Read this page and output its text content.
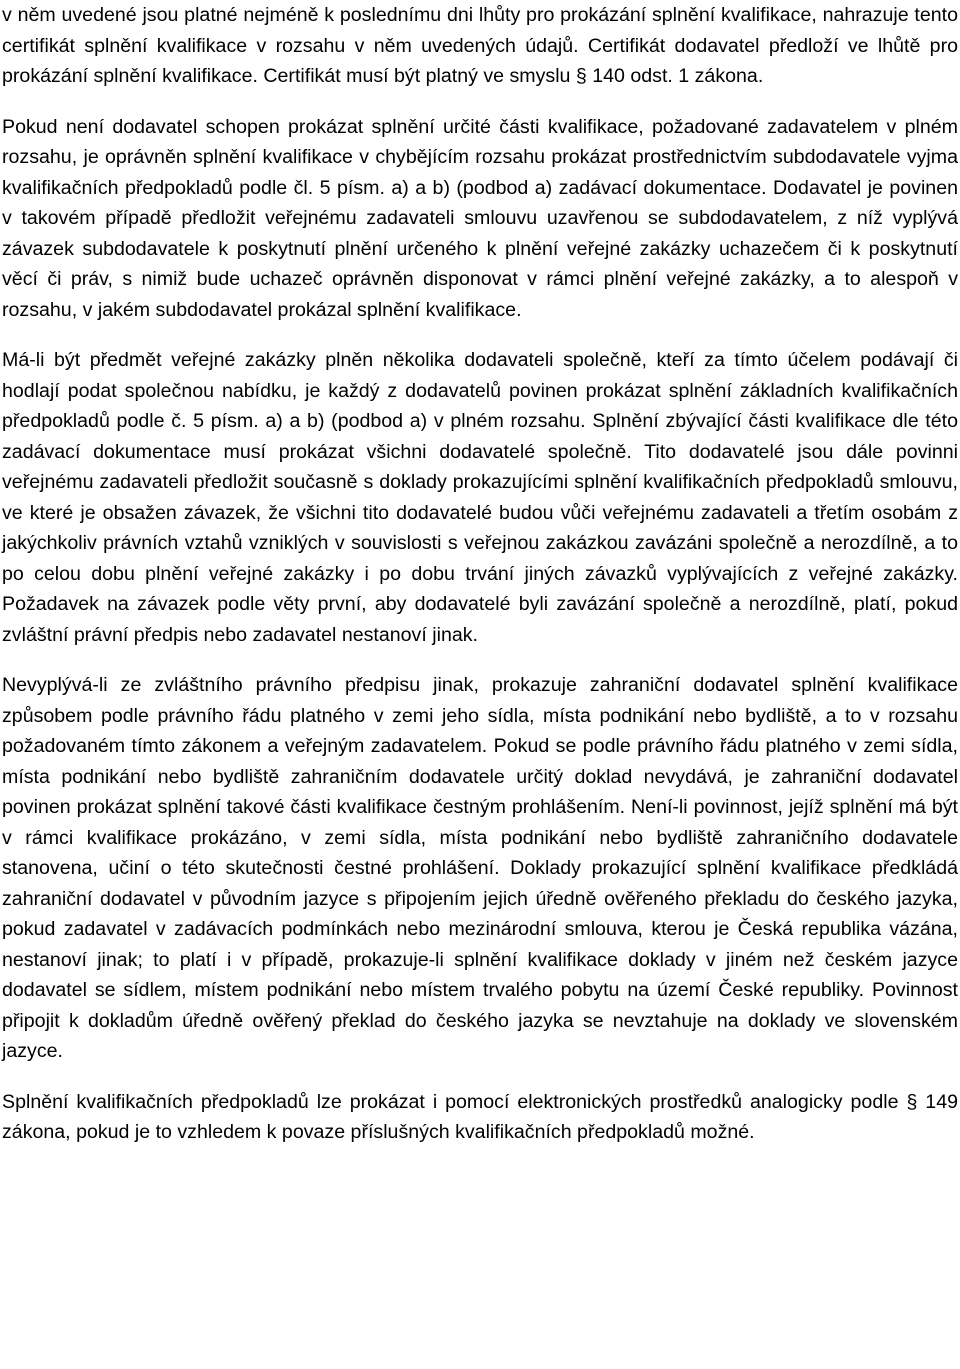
v něm uvedené jsou platné nejméně k poslednímu dni lhůty pro prokázání splnění kvalifikace, nahrazuje tento certifikát splnění kvalifikace v rozsahu v něm uvedených údajů. Certifikát dodavatel předloží ve lhůtě pro prokázání splnění kvalifikace. Certifikát musí být platný ve smyslu § 140 odst. 1 zákona.

Pokud není dodavatel schopen prokázat splnění určité části kvalifikace, požadované zadavatelem v plném rozsahu, je oprávněn splnění kvalifikace v chybějícím rozsahu prokázat prostřednictvím subdodavatele vyjma kvalifikačních předpokladů podle čl. 5 písm. a) a b) (podbod a) zadávací dokumentace. Dodavatel je povinen v takovém případě předložit veřejnému zadavateli smlouvu uzavřenou se subdodavatelem, z níž vyplývá závazek subdodavatele k poskytnutí plnění určeného k plnění veřejné zakázky uchazečem či k poskytnutí věcí či práv, s nimiž bude uchazeč oprávněn disponovat v rámci plnění veřejné zakázky, a to alespoň v rozsahu, v jakém subdodavatel prokázal splnění kvalifikace.

Má-li být předmět veřejné zakázky plněn několika dodavateli společně, kteří za tímto účelem podávají či hodlají podat společnou nabídku, je každý z dodavatelů povinen prokázat splnění základních kvalifikačních předpokladů podle č. 5 písm. a) a b) (podbod a) v plném rozsahu. Splnění zbývající části kvalifikace dle této zadávací dokumentace musí prokázat všichni dodavatelé společně. Tito dodavatelé jsou dále povinni veřejnému zadavateli předložit současně s doklady prokazujícími splnění kvalifikačních předpokladů smlouvu, ve které je obsažen závazek, že všichni tito dodavatelé budou vůči veřejnému zadavateli a třetím osobám z jakýchkoliv právních vztahů vzniklých v souvislosti s veřejnou zakázkou zavázáni společně a nerozdílně, a to po celou dobu plnění veřejné zakázky i po dobu trvání jiných závazků vyplývajících z veřejné zakázky. Požadavek na závazek podle věty první, aby dodavatelé byli zavázání společně a nerozdílně, platí, pokud zvláštní právní předpis nebo zadavatel nestanoví jinak.

Nevyplývá-li ze zvláštního právního předpisu jinak, prokazuje zahraniční dodavatel splnění kvalifikace způsobem podle právního řádu platného v zemi jeho sídla, místa podnikání nebo bydliště, a to v rozsahu požadovaném tímto zákonem a veřejným zadavatelem. Pokud se podle právního řádu platného v zemi sídla, místa podnikání nebo bydliště zahraničním dodavatele určitý doklad nevydává, je zahraniční dodavatel povinen prokázat splnění takové části kvalifikace čestným prohlášením. Není-li povinnost, jejíž splnění má být v rámci kvalifikace prokázáno, v zemi sídla, místa podnikání nebo bydliště zahraničního dodavatele stanovena, učiní o této skutečnosti čestné prohlášení. Doklady prokazující splnění kvalifikace předkládá zahraniční dodavatel v původním jazyce s připojením jejich úředně ověřeného překladu do českého jazyka, pokud zadavatel v zadávacích podmínkách nebo mezinárodní smlouva, kterou je Česká republika vázána, nestanoví jinak; to platí i v případě, prokazuje-li splnění kvalifikace doklady v jiném než českém jazyce dodavatel se sídlem, místem podnikání nebo místem trvalého pobytu na území České republiky. Povinnost připojit k dokladům úředně ověřený překlad do českého jazyka se nevztahuje na doklady ve slovenském jazyce.

Splnění kvalifikačních předpokladů lze prokázat i pomocí elektronických prostředků analogicky podle § 149 zákona, pokud je to vzhledem k povaze příslušných kvalifikačních předpokladů možné.
